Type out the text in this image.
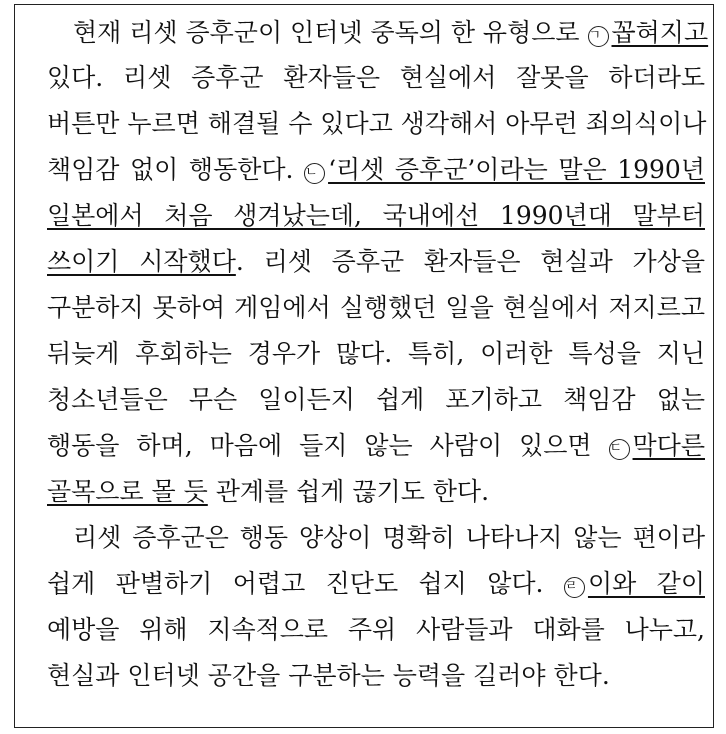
현재 리셋 증후군이 인터넷 중독의 한 유형으로 ㄱ 꼽혀지고
있다. 리셋 증후군 환자들은 현실에서 잘못을 하더라도
버튼만 누르면 해결될 수 있다고 생각해서 아무런 죄의식이나
책임감 없이 행동한다. ㄴ ‘리셋 증후군’이라는 말은 1990년
일본에서 처음 생겨났는데, 국내에선 1990년대 말부터
쓰이기 시작했다. 리셋 증후군 환자들은 현실과 가상을
구분하지 못하여 게임에서 실행했던 일을 현실에서 저지르고
뒤늦게 후회하는 경우가 많다. 특히, 이러한 특성을 지닌
청소년들은 무슨 일이든지 쉽게 포기하고 책임감 없는
행동을 하며, 마음에 들지 않는 사람이 있으면 ㄷ 막다른
골목으로 몰 듯 관계를 쉽게 끊기도 한다.
리셋 증후군은 행동 양상이 명확히 나타나지 않는 편이라
쉽게 판별하기 어렵고 진단도 쉽지 않다. ㄹ 이와 같이
예방을 위해 지속적으로 주위 사람들과 대화를 나누고,
현실과 인터넷 공간을 구분하는 능력을 길러야 한다.
